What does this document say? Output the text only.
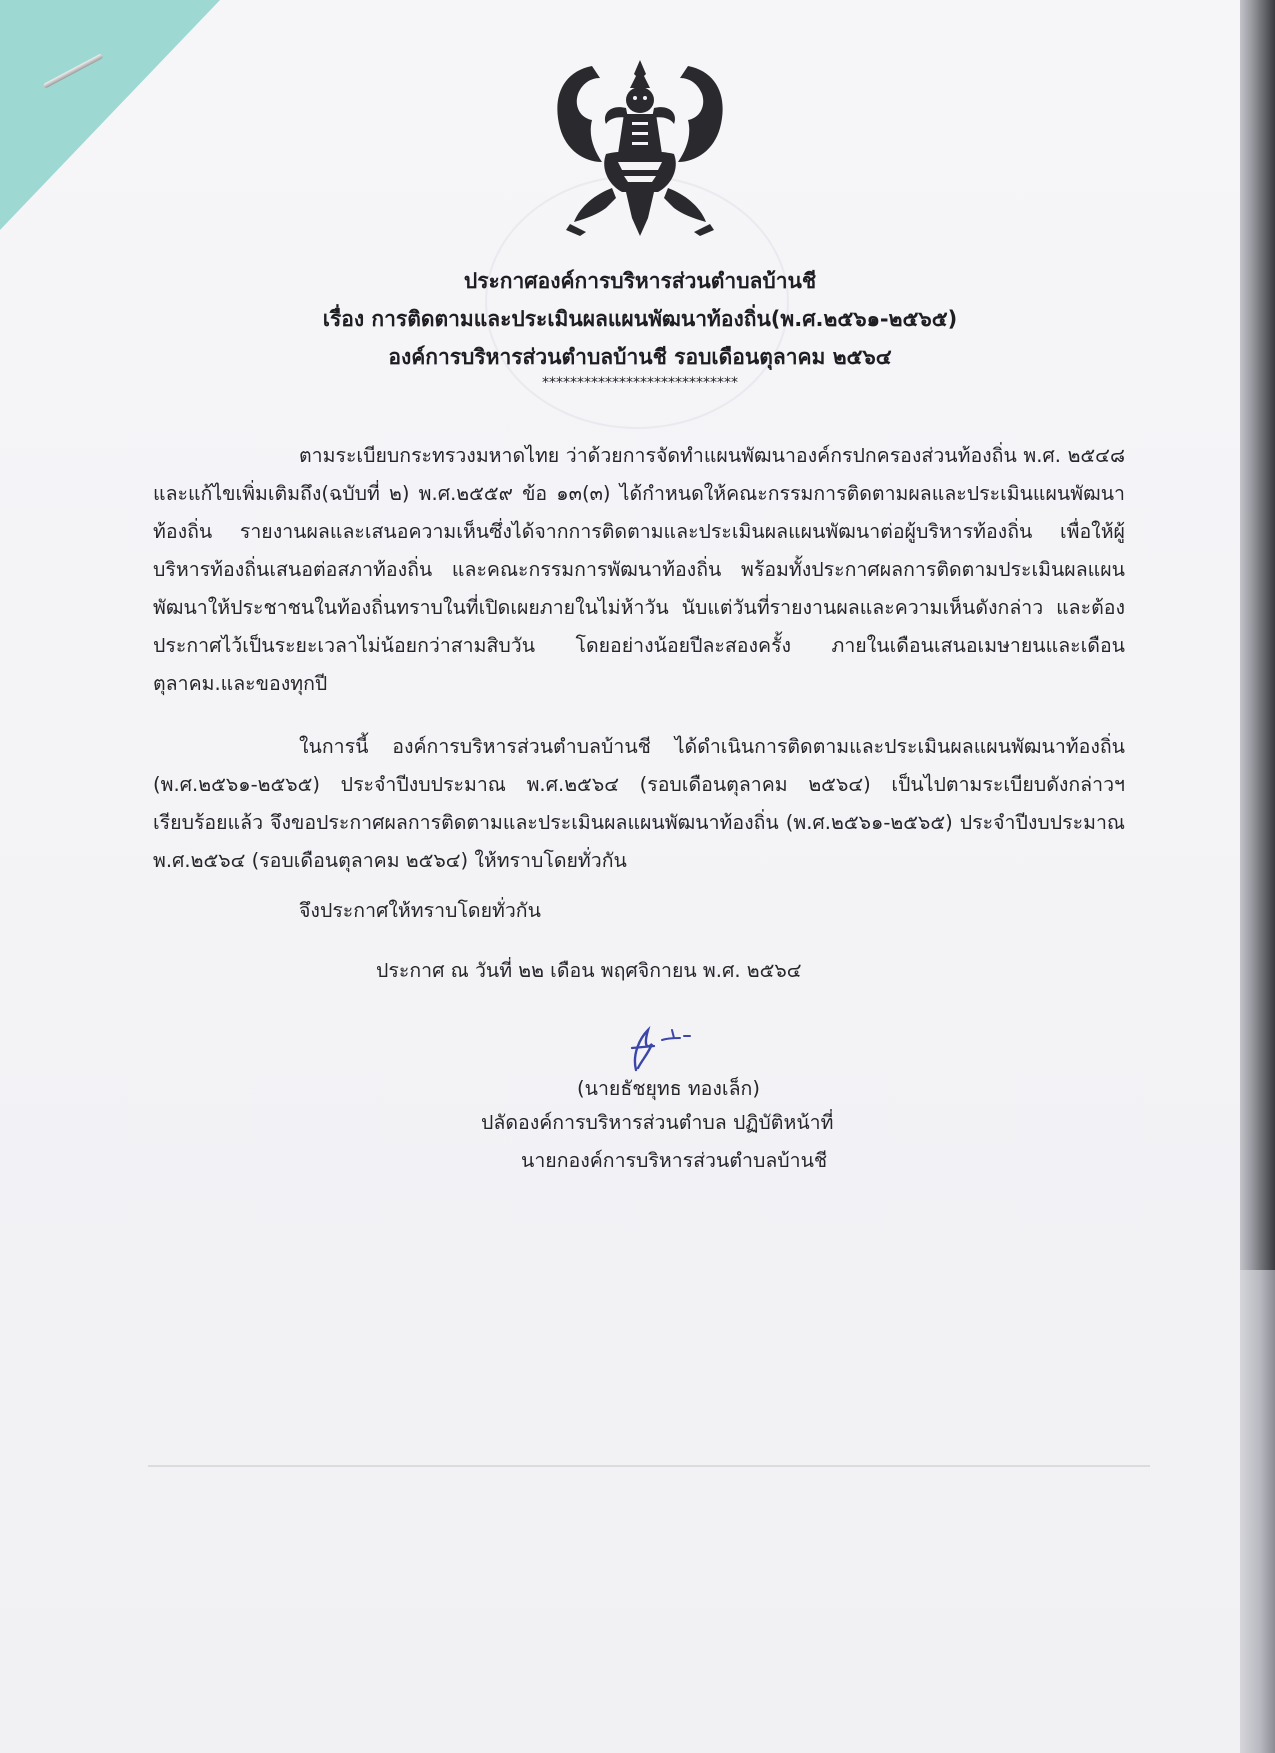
ประกาศองค์การบริหารส่วนตำบลบ้านชี
เรื่อง การติดตามและประเมินผลแผนพัฒนาท้องถิ่น(พ.ศ.๒๕๖๑-๒๕๖๕)
องค์การบริหารส่วนตำบลบ้านชี รอบเดือนตุลาคม ๒๕๖๔
****************************
ตามระเบียบกระทรวงมหาดไทย ว่าด้วยการจัดทำแผนพัฒนาองค์กรปกครองส่วนท้องถิ่น พ.ศ. ๒๕๔๘ และแก้ไขเพิ่มเติมถึง(ฉบับที่ ๒) พ.ศ.๒๕๕๙ ข้อ ๑๓(๓) ได้กำหนดให้คณะกรรมการติดตามผลและประเมินแผนพัฒนาท้องถิ่น รายงานผลและเสนอความเห็นซึ่งได้จากการติดตามและประเมินผลแผนพัฒนาต่อผู้บริหารท้องถิ่น เพื่อให้ผู้บริหารท้องถิ่นเสนอต่อสภาท้องถิ่น และคณะกรรมการพัฒนาท้องถิ่น พร้อมทั้งประกาศผลการติดตามประเมินผลแผนพัฒนาให้ประชาชนในท้องถิ่นทราบในที่เปิดเผยภายในไม่ห้าวัน นับแต่วันที่รายงานผลและความเห็นดังกล่าว และต้องประกาศไว้เป็นระยะเวลาไม่น้อยกว่าสามสิบวัน โดยอย่างน้อยปีละสองครั้ง ภายในเดือนเสนอเมษายนและเดือนตุลาคม.และของทุกปี
ในการนี้ องค์การบริหารส่วนตำบลบ้านชี ได้ดำเนินการติดตามและประเมินผลแผนพัฒนาท้องถิ่น (พ.ศ.๒๕๖๑-๒๕๖๕) ประจำปีงบประมาณ พ.ศ.๒๕๖๔ (รอบเดือนตุลาคม ๒๕๖๔) เป็นไปตามระเบียบดังกล่าวฯ เรียบร้อยแล้ว จึงขอประกาศผลการติดตามและประเมินผลแผนพัฒนาท้องถิ่น (พ.ศ.๒๕๖๑-๒๕๖๕) ประจำปีงบประมาณ พ.ศ.๒๕๖๔ (รอบเดือนตุลาคม ๒๕๖๔) ให้ทราบโดยทั่วกัน
จึงประกาศให้ทราบโดยทั่วกัน
ประกาศ ณ วันที่ ๒๒ เดือน พฤศจิกายน พ.ศ. ๒๕๖๔
(นายธัชยุทธ ทองเล็ก)
ปลัดองค์การบริหารส่วนตำบล ปฏิบัติหน้าที่
นายกองค์การบริหารส่วนตำบลบ้านชี
